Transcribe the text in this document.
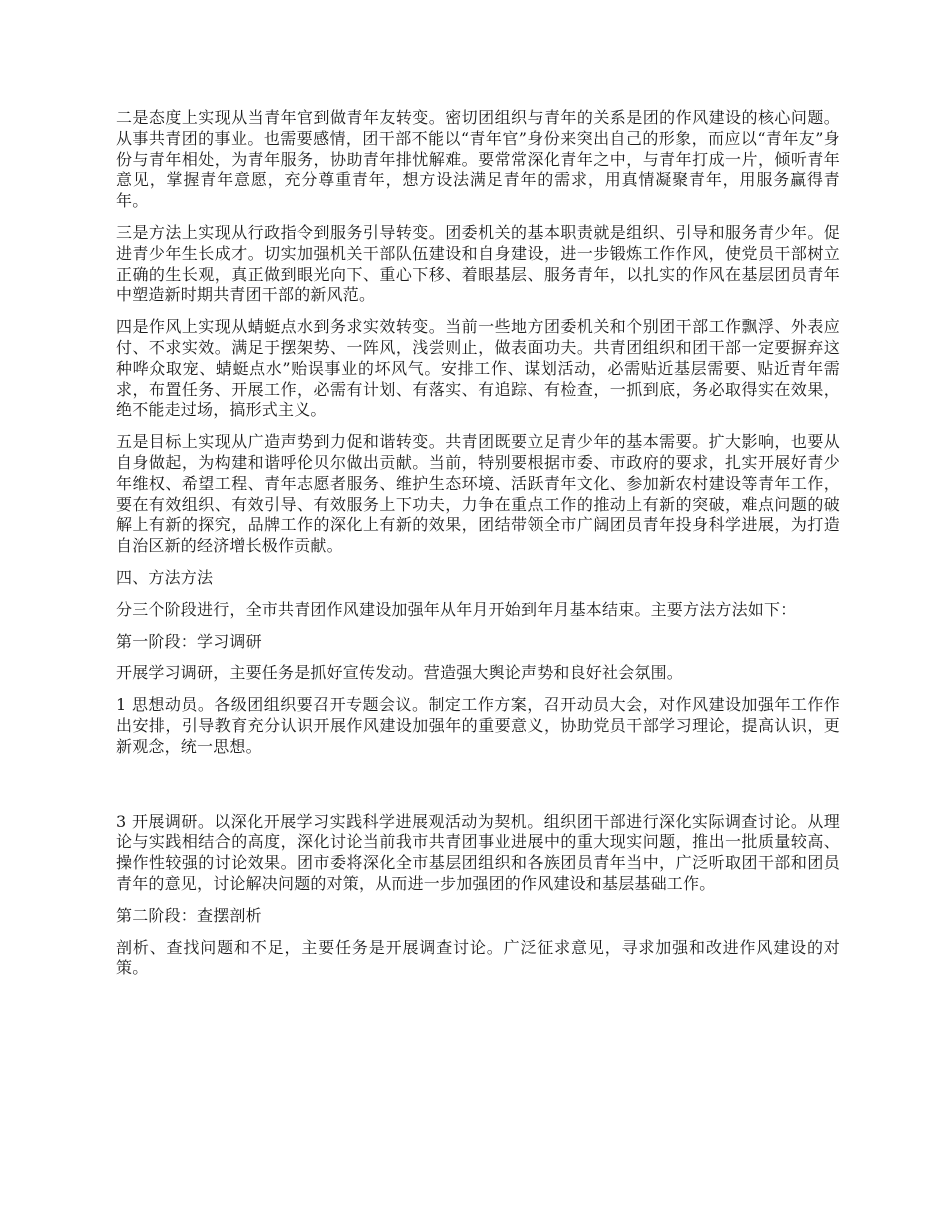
二是态度上实现从当青年官到做青年友转变。密切团组织与青年的关系是团的作风建设的核心问题。从事共青团的事业。也需要感情，团干部不能以“青年官”身份来突出自己的形象，而应以“青年友”身份与青年相处，为青年服务，协助青年排忧解难。要常常深化青年之中，与青年打成一片，倾听青年意见，掌握青年意愿，充分尊重青年，想方设法满足青年的需求，用真情凝聚青年，用服务赢得青年。

三是方法上实现从行政指令到服务引导转变。团委机关的基本职责就是组织、引导和服务青少年。促进青少年生长成才。切实加强机关干部队伍建设和自身建设，进一步锻炼工作作风，使党员干部树立正确的生长观，真正做到眼光向下、重心下移、着眼基层、服务青年，以扎实的作风在基层团员青年中塑造新时期共青团干部的新风范。

四是作风上实现从蜻蜓点水到务求实效转变。当前一些地方团委机关和个别团干部工作飘浮、外表应付、不求实效。满足于摆架势、一阵风，浅尝则止，做表面功夫。共青团组织和团干部一定要摒弃这种哗众取宠、蜻蜓点水”贻误事业的坏风气。安排工作、谋划活动，必需贴近基层需要、贴近青年需求，布置任务、开展工作，必需有计划、有落实、有追踪、有检查，一抓到底，务必取得实在效果，绝不能走过场，搞形式主义。

五是目标上实现从广造声势到力促和谐转变。共青团既要立足青少年的基本需要。扩大影响，也要从自身做起，为构建和谐呼伦贝尔做出贡献。当前，特别要根据市委、市政府的要求，扎实开展好青少年维权、希望工程、青年志愿者服务、维护生态环境、活跃青年文化、参加新农村建设等青年工作，要在有效组织、有效引导、有效服务上下功夫，力争在重点工作的推动上有新的突破，难点问题的破解上有新的探究，品牌工作的深化上有新的效果，团结带领全市广阔团员青年投身科学进展，为打造自治区新的经济增长极作贡献。

四、方法方法

分三个阶段进行，全市共青团作风建设加强年从年月开始到年月基本结束。主要方法方法如下：

第一阶段：学习调研

开展学习调研，主要任务是抓好宣传发动。营造强大舆论声势和良好社会氛围。

1 思想动员。各级团组织要召开专题会议。制定工作方案，召开动员大会，对作风建设加强年工作作出安排，引导教育充分认识开展作风建设加强年的重要意义，协助党员干部学习理论，提高认识，更新观念，统一思想。

3 开展调研。以深化开展学习实践科学进展观活动为契机。组织团干部进行深化实际调查讨论。从理论与实践相结合的高度，深化讨论当前我市共青团事业进展中的重大现实问题，推出一批质量较高、操作性较强的讨论效果。团市委将深化全市基层团组织和各族团员青年当中，广泛听取团干部和团员青年的意见，讨论解决问题的对策，从而进一步加强团的作风建设和基层基础工作。

第二阶段：查摆剖析

剖析、查找问题和不足，主要任务是开展调查讨论。广泛征求意见，寻求加强和改进作风建设的对策。
